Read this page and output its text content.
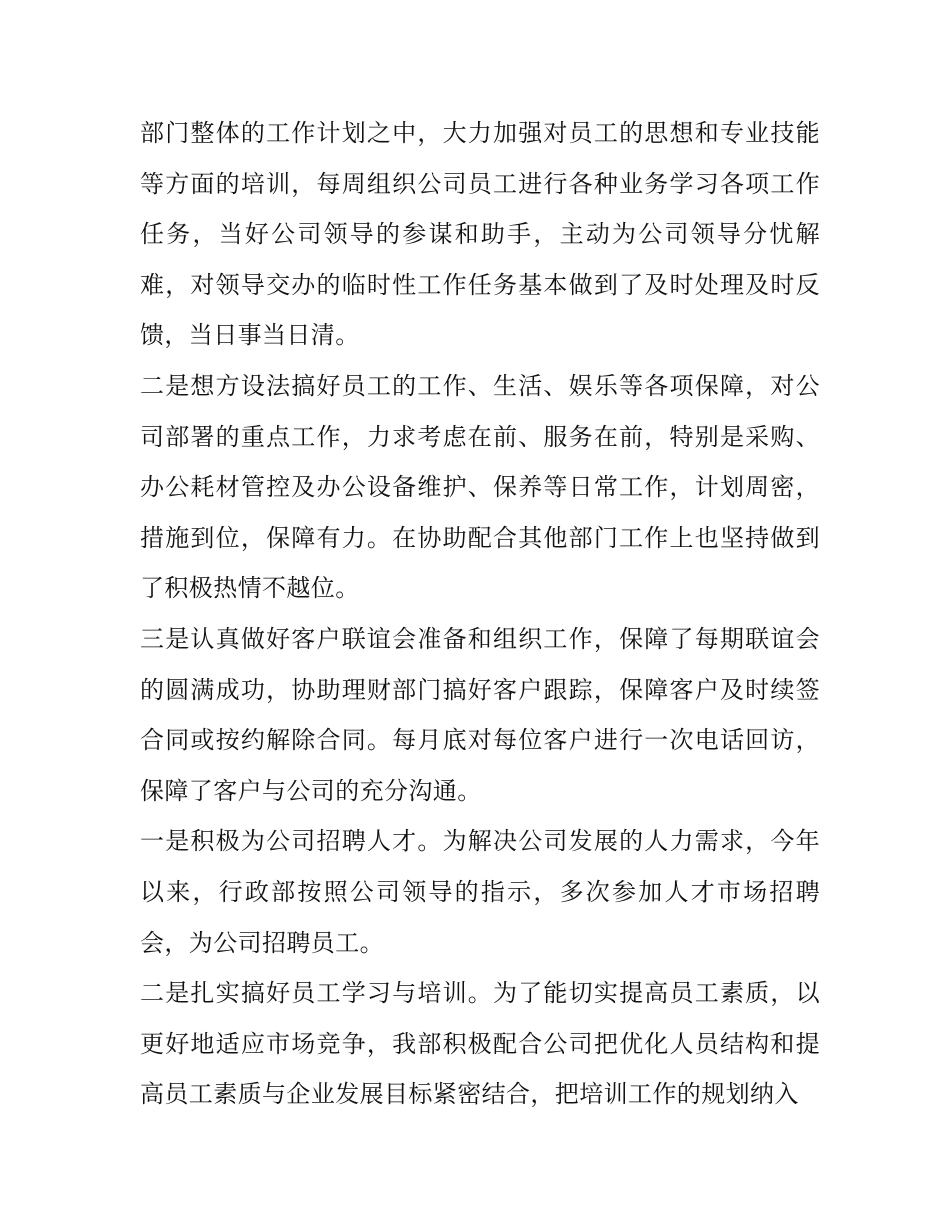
部门整体的工作计划之中，大力加强对员工的思想和专业技能等方面的培训，每周组织公司员工进行各种业务学习各项工作任务，当好公司领导的参谋和助手，主动为公司领导分忧解难，对领导交办的临时性工作任务基本做到了及时处理及时反馈，当日事当日清。

二是想方设法搞好员工的工作、生活、娱乐等各项保障，对公司部署的重点工作，力求考虑在前、服务在前，特别是采购、办公耗材管控及办公设备维护、保养等日常工作，计划周密，措施到位，保障有力。在协助配合其他部门工作上也坚持做到了积极热情不越位。

三是认真做好客户联谊会准备和组织工作，保障了每期联谊会的圆满成功，协助理财部门搞好客户跟踪，保障客户及时续签合同或按约解除合同。每月底对每位客户进行一次电话回访，保障了客户与公司的充分沟通。

一是积极为公司招聘人才。为解决公司发展的人力需求，今年以来，行政部按照公司领导的指示，多次参加人才市场招聘会，为公司招聘员工。

二是扎实搞好员工学习与培训。为了能切实提高员工素质，以更好地适应市场竞争，我部积极配合公司把优化人员结构和提高员工素质与企业发展目标紧密结合，把培训工作的规划纳入
